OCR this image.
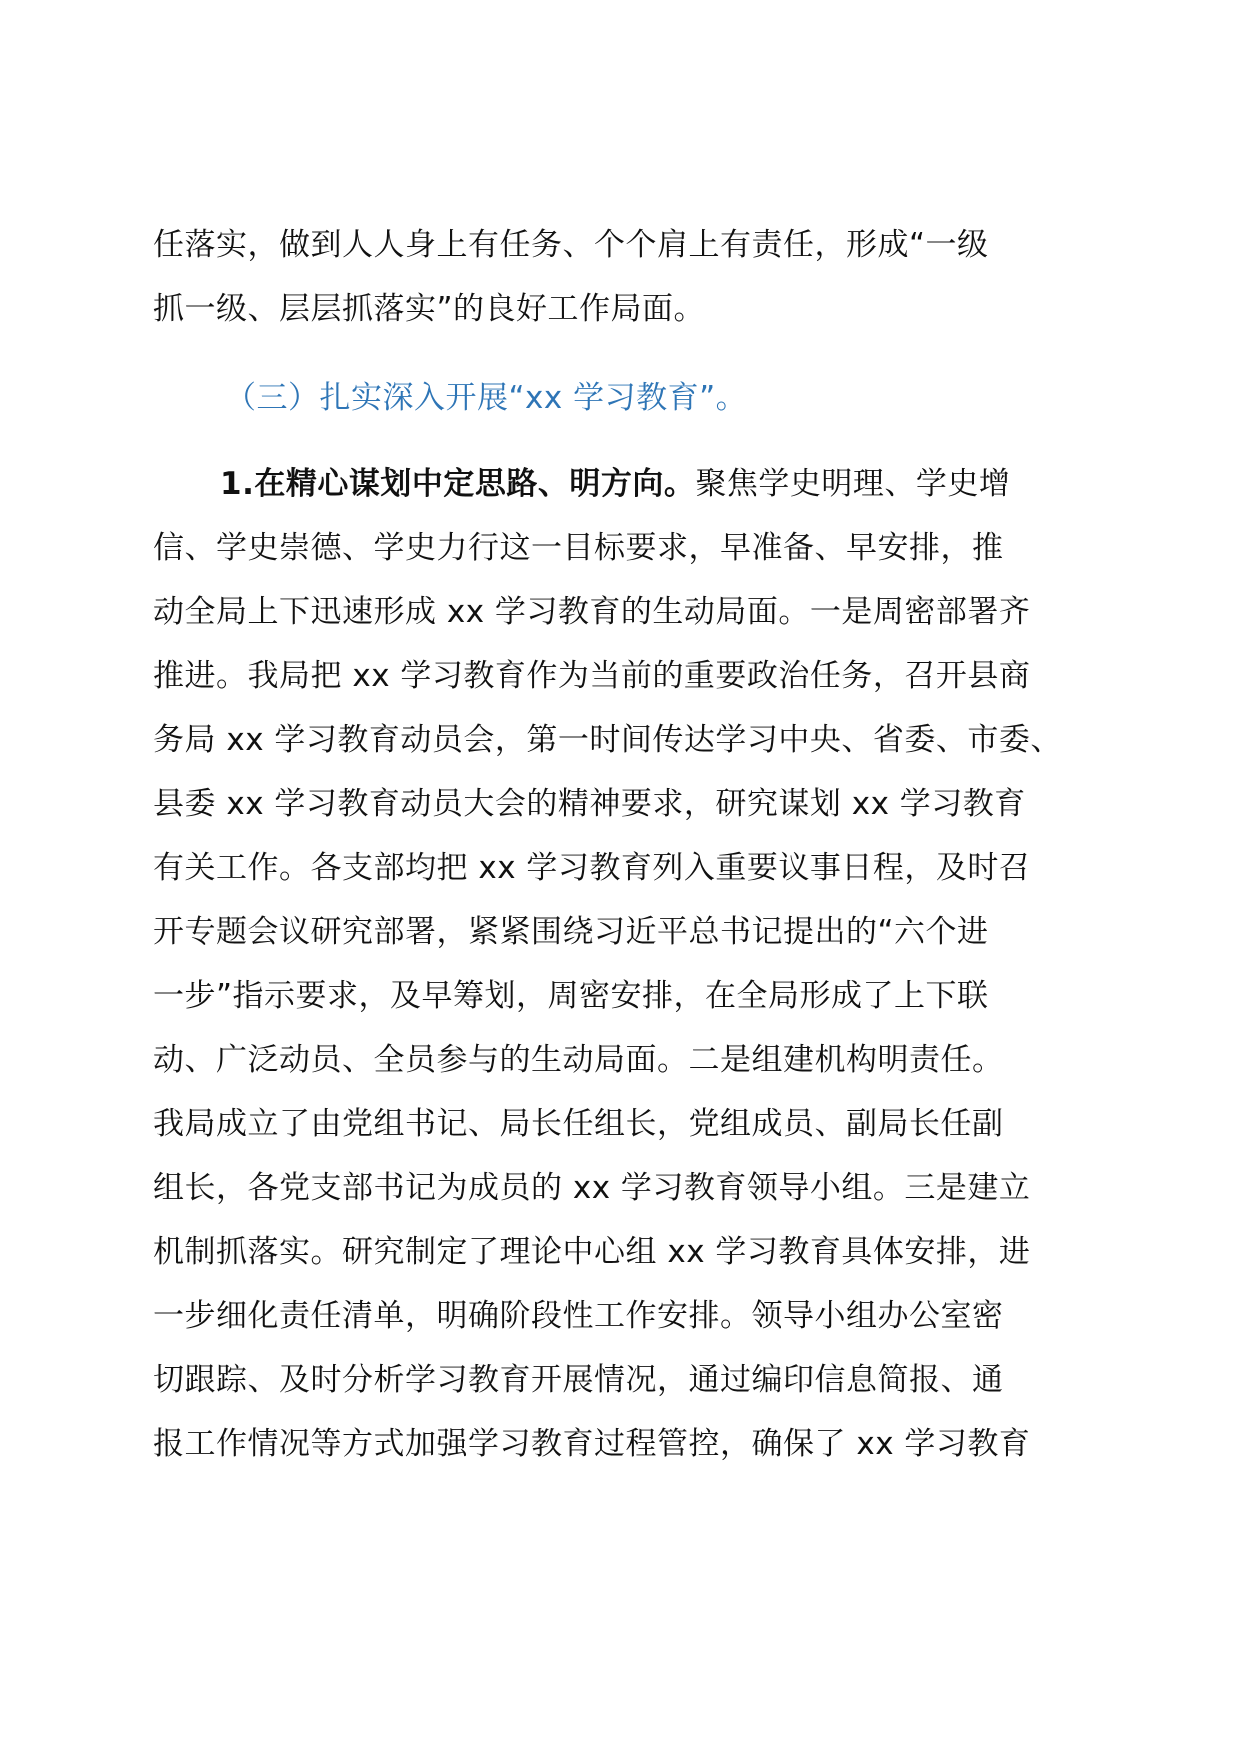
任落实，做到人人身上有任务、个个肩上有责任，形成“一级
抓一级、层层抓落实”的良好工作局面。
（三）扎实深入开展“xx 学习教育”。
1.在精心谋划中定思路、明方向。聚焦学史明理、学史增
信、学史崇德、学史力行这一目标要求，早准备、早安排，推
动全局上下迅速形成 xx 学习教育的生动局面。一是周密部署齐
推进。我局把 xx 学习教育作为当前的重要政治任务，召开县商
务局 xx 学习教育动员会，第一时间传达学习中央、省委、市委、
县委 xx 学习教育动员大会的精神要求，研究谋划 xx 学习教育
有关工作。各支部均把 xx 学习教育列入重要议事日程，及时召
开专题会议研究部署，紧紧围绕习近平总书记提出的“六个进
一步”指示要求，及早筹划，周密安排，在全局形成了上下联
动、广泛动员、全员参与的生动局面。二是组建机构明责任。
我局成立了由党组书记、局长任组长，党组成员、副局长任副
组长，各党支部书记为成员的 xx 学习教育领导小组。三是建立
机制抓落实。研究制定了理论中心组 xx 学习教育具体安排，进
一步细化责任清单，明确阶段性工作安排。领导小组办公室密
切跟踪、及时分析学习教育开展情况，通过编印信息简报、通
报工作情况等方式加强学习教育过程管控，确保了 xx 学习教育
